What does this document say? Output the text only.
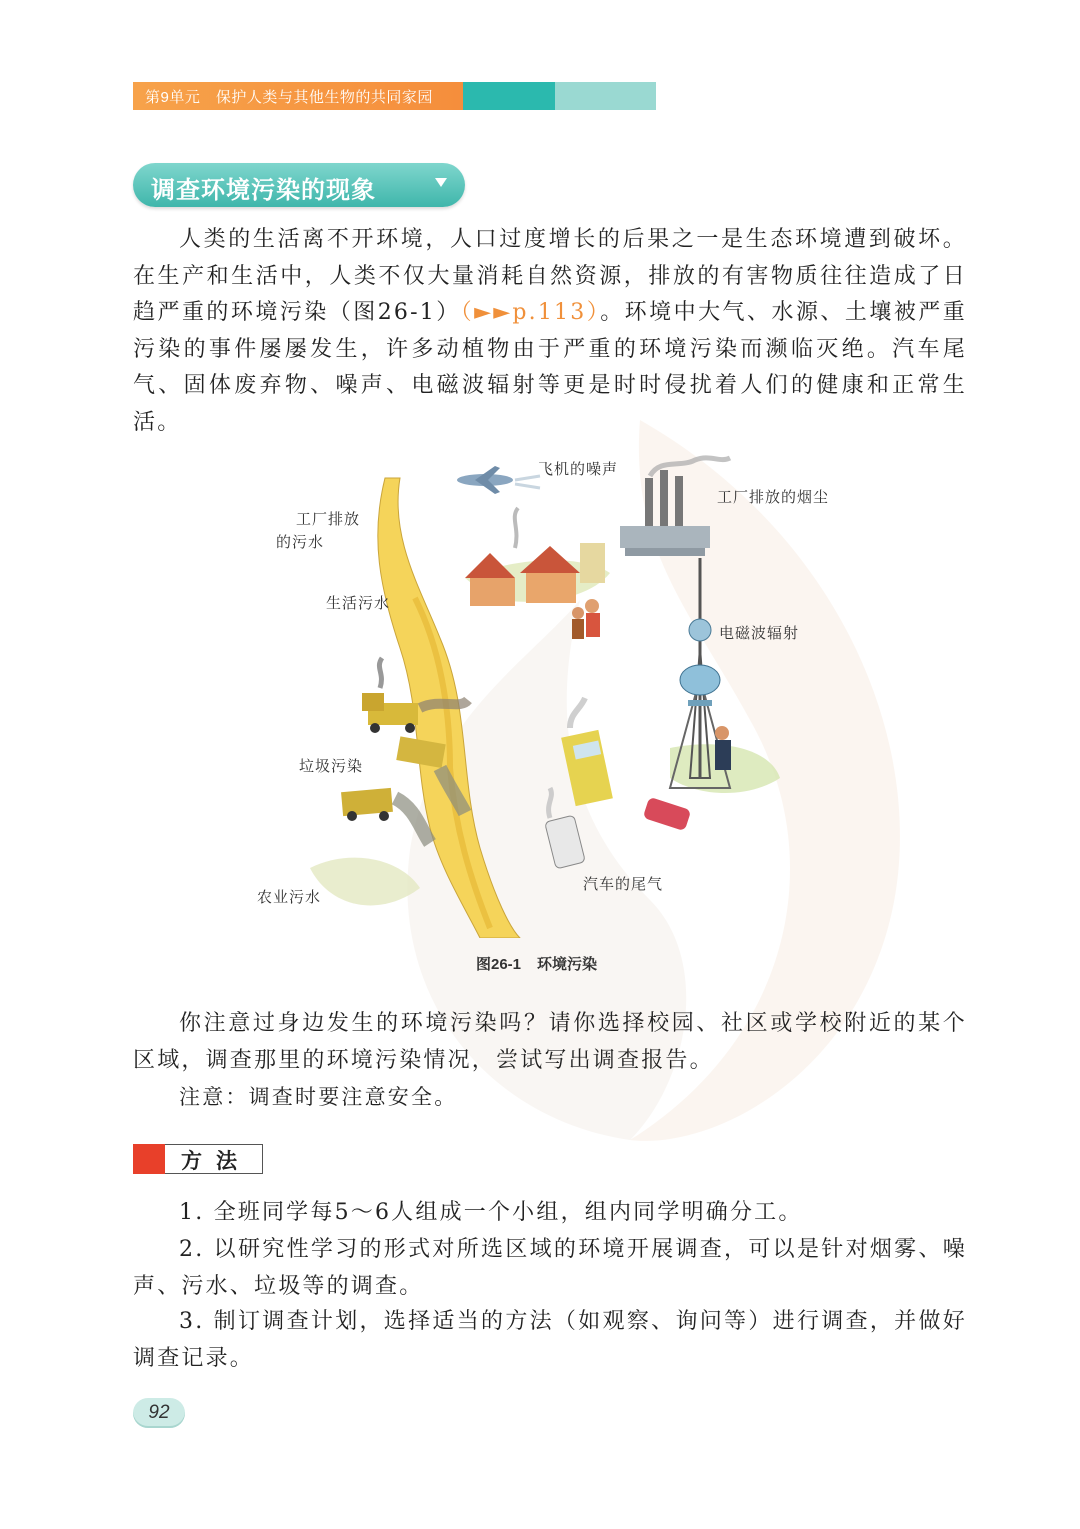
第9单元　保护人类与其他生物的共同家园
调查环境污染的现象
人类的生活离不开环境，人口过度增长的后果之一是生态环境遭到破坏。在生产和生活中，人类不仅大量消耗自然资源，排放的有害物质往往造成了日趋严重的环境污染（图26-1）（►►p.113）。环境中大气、水源、土壤被严重污染的事件屡屡发生，许多动植物由于严重的环境污染而濒临灭绝。汽车尾气、固体废弃物、噪声、电磁波辐射等更是时时侵扰着人们的健康和正常生活。
飞机的噪声
工厂排放的烟尘
工厂排放
的污水
生活污水
电磁波辐射
垃圾污染
农业污水
汽车的尾气
图26-1 环境污染
你注意过身边发生的环境污染吗？请你选择校园、社区或学校附近的某个区域，调查那里的环境污染情况，尝试写出调查报告。
注意：调查时要注意安全。
方法
1. 全班同学每5～6人组成一个小组，组内同学明确分工。
2. 以研究性学习的形式对所选区域的环境开展调查，可以是针对烟雾、噪声、污水、垃圾等的调查。
3. 制订调查计划，选择适当的方法（如观察、询问等）进行调查，并做好调查记录。
92
